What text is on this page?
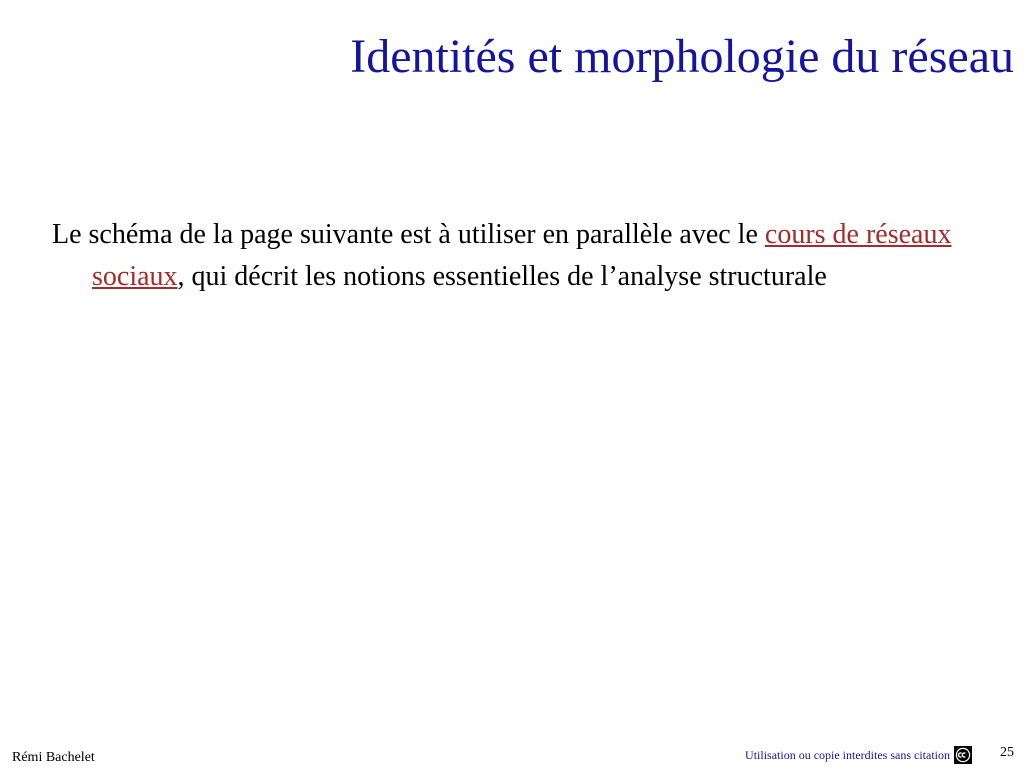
Identités et morphologie du réseau

Le schéma de la page suivante est à utiliser en parallèle avec le cours de réseaux sociaux, qui décrit les notions essentielles de l’analyse structurale

Rémi Bachelet	Utilisation ou copie interdites sans citation	25
